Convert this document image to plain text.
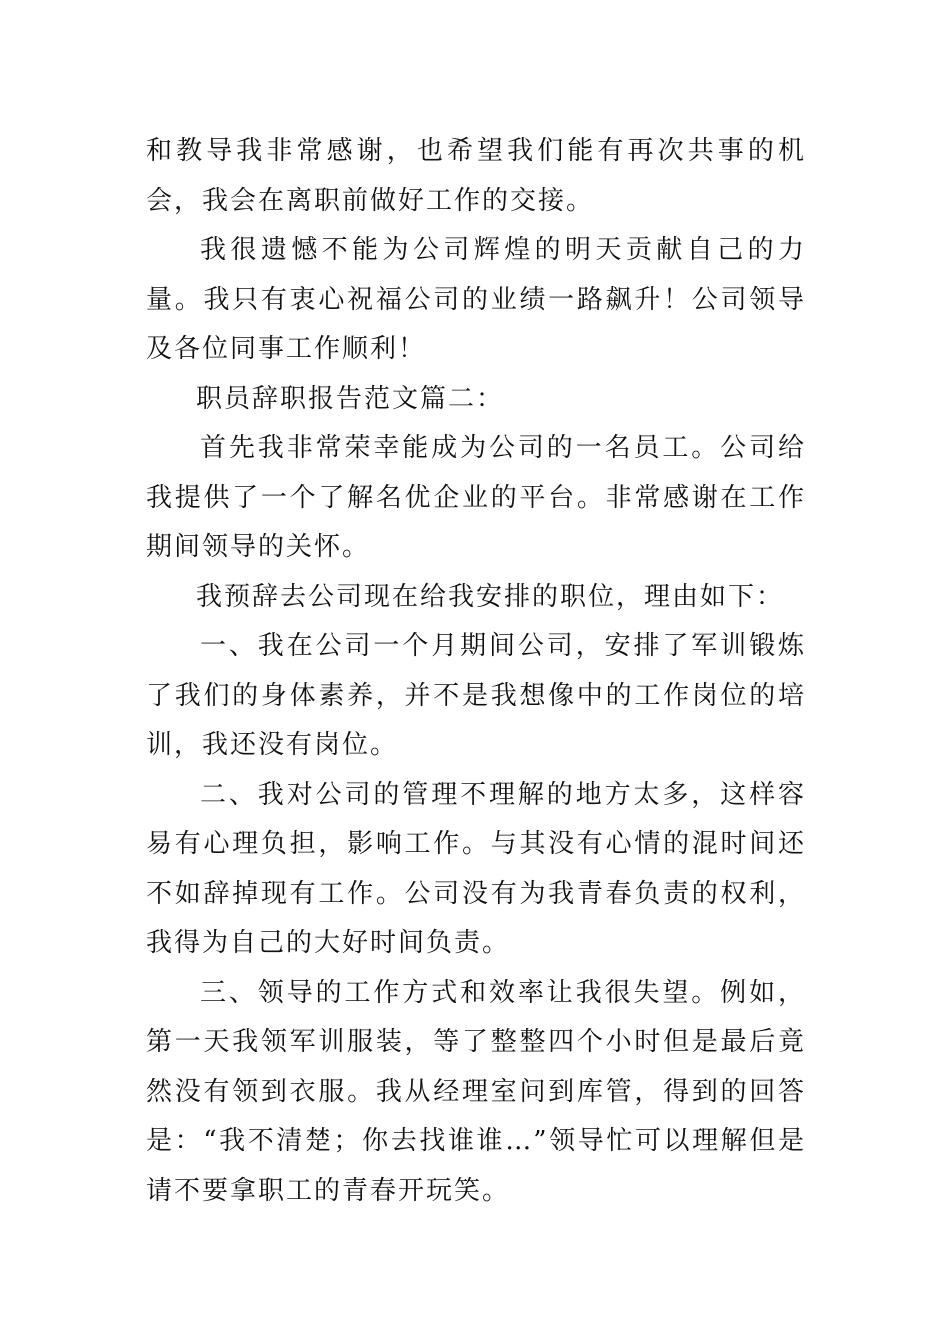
和教导我非常感谢，也希望我们能有再次共事的机会，我会在离职前做好工作的交接。

我很遗憾不能为公司辉煌的明天贡献自己的力量。我只有衷心祝福公司的业绩一路飙升！公司领导及各位同事工作顺利！

职员辞职报告范文篇二：

首先我非常荣幸能成为公司的一名员工。公司给我提供了一个了解名优企业的平台。非常感谢在工作期间领导的关怀。

我预辞去公司现在给我安排的职位，理由如下：

一、我在公司一个月期间公司，安排了军训锻炼了我们的身体素养，并不是我想像中的工作岗位的培训，我还没有岗位。

二、我对公司的管理不理解的地方太多，这样容易有心理负担，影响工作。与其没有心情的混时间还不如辞掉现有工作。公司没有为我青春负责的权利，我得为自己的大好时间负责。

三、领导的工作方式和效率让我很失望。例如，第一天我领军训服装，等了整整四个小时但是最后竟然没有领到衣服。我从经理室问到库管，得到的回答是：“我不清楚；你去找谁谁…”领导忙可以理解但是请不要拿职工的青春开玩笑。
